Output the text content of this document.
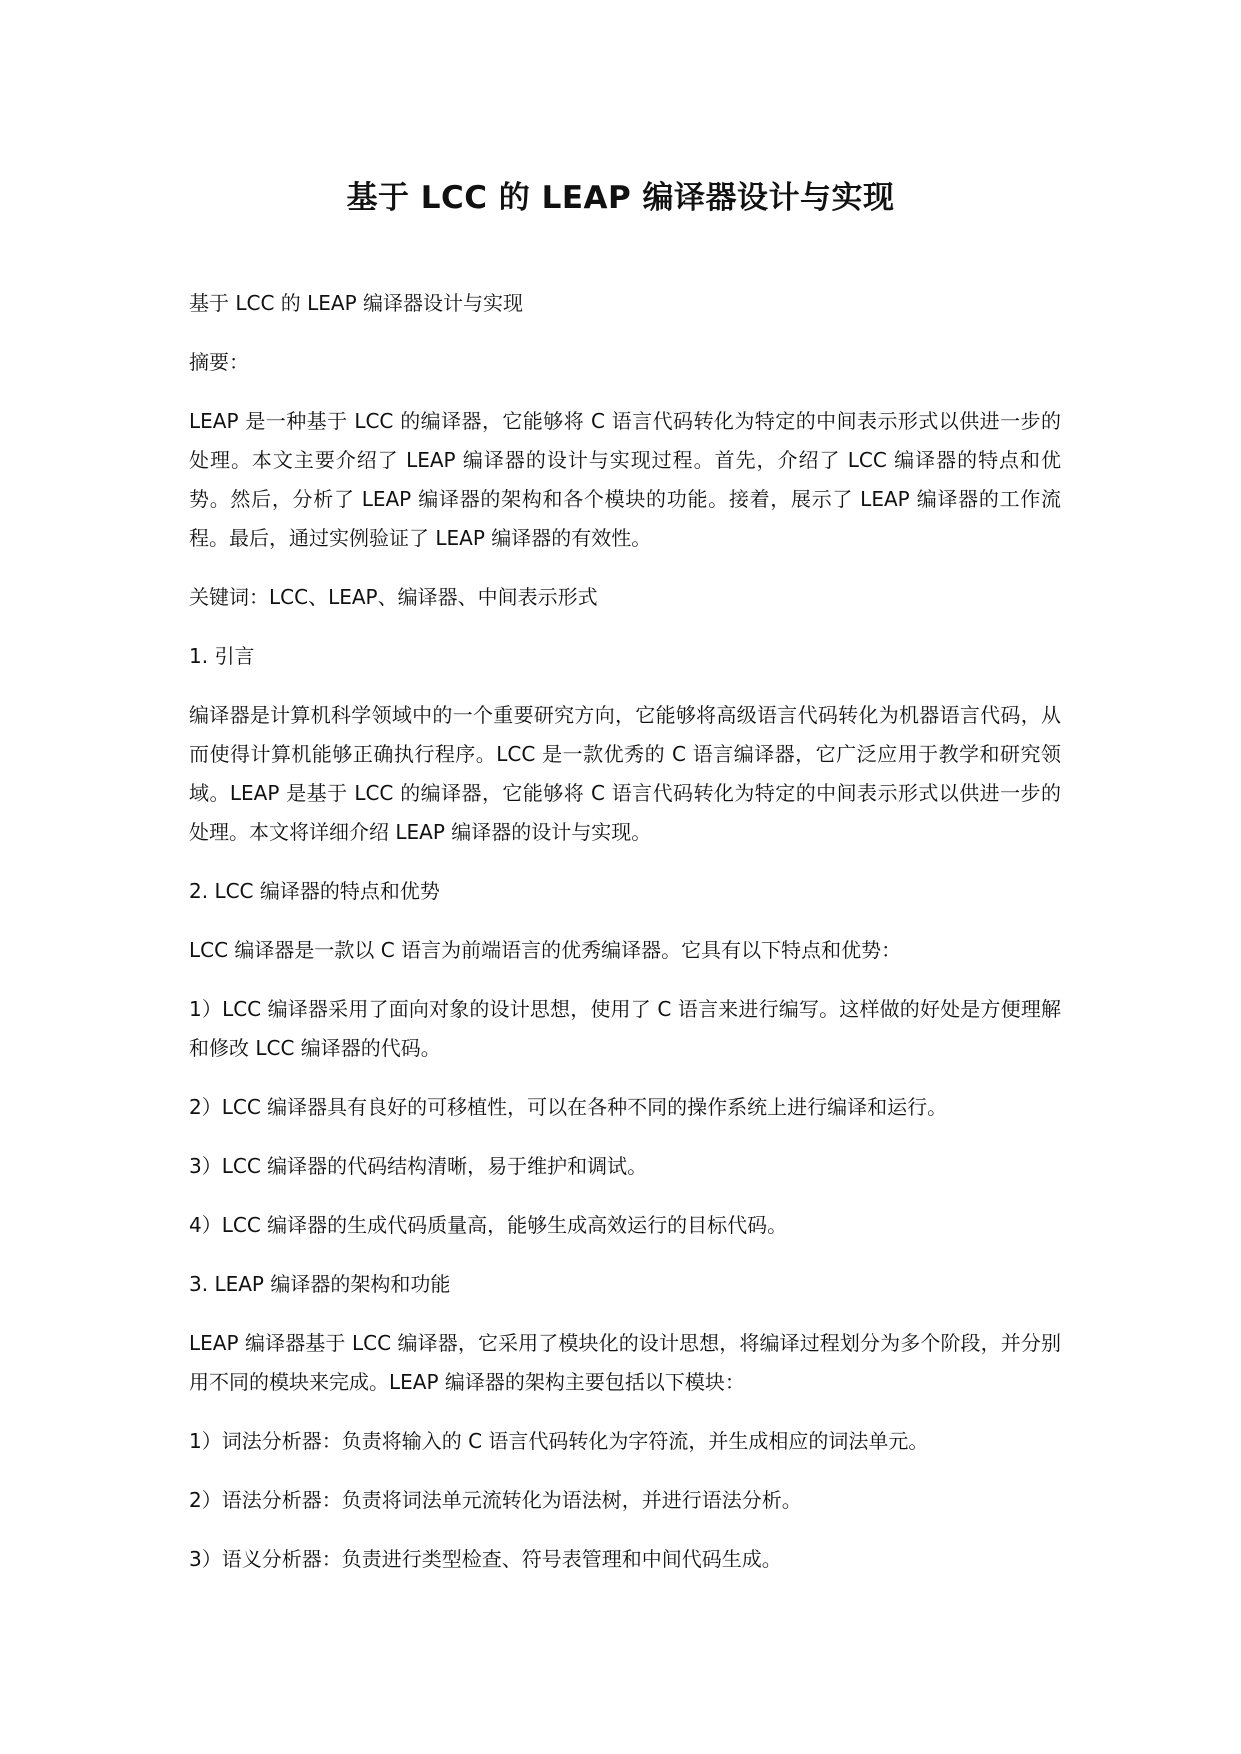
基于 LCC 的 LEAP 编译器设计与实现

基于 LCC 的 LEAP 编译器设计与实现

摘要：

LEAP 是一种基于 LCC 的编译器，它能够将 C 语言代码转化为特定的中间表示形式以供进一步的处理。本文主要介绍了 LEAP 编译器的设计与实现过程。首先，介绍了 LCC 编译器的特点和优势。然后，分析了 LEAP 编译器的架构和各个模块的功能。接着，展示了 LEAP 编译器的工作流程。最后，通过实例验证了 LEAP 编译器的有效性。

关键词：LCC、LEAP、编译器、中间表示形式

1. 引言

编译器是计算机科学领域中的一个重要研究方向，它能够将高级语言代码转化为机器语言代码，从而使得计算机能够正确执行程序。LCC 是一款优秀的 C 语言编译器，它广泛应用于教学和研究领域。LEAP 是基于 LCC 的编译器，它能够将 C 语言代码转化为特定的中间表示形式以供进一步的处理。本文将详细介绍 LEAP 编译器的设计与实现。

2. LCC 编译器的特点和优势

LCC 编译器是一款以 C 语言为前端语言的优秀编译器。它具有以下特点和优势：

1）LCC 编译器采用了面向对象的设计思想，使用了 C 语言来进行编写。这样做的好处是方便理解和修改 LCC 编译器的代码。

2）LCC 编译器具有良好的可移植性，可以在各种不同的操作系统上进行编译和运行。

3）LCC 编译器的代码结构清晰，易于维护和调试。

4）LCC 编译器的生成代码质量高，能够生成高效运行的目标代码。

3. LEAP 编译器的架构和功能

LEAP 编译器基于 LCC 编译器，它采用了模块化的设计思想，将编译过程划分为多个阶段，并分别用不同的模块来完成。LEAP 编译器的架构主要包括以下模块：

1）词法分析器：负责将输入的 C 语言代码转化为字符流，并生成相应的词法单元。

2）语法分析器：负责将词法单元流转化为语法树，并进行语法分析。

3）语义分析器：负责进行类型检查、符号表管理和中间代码生成。
